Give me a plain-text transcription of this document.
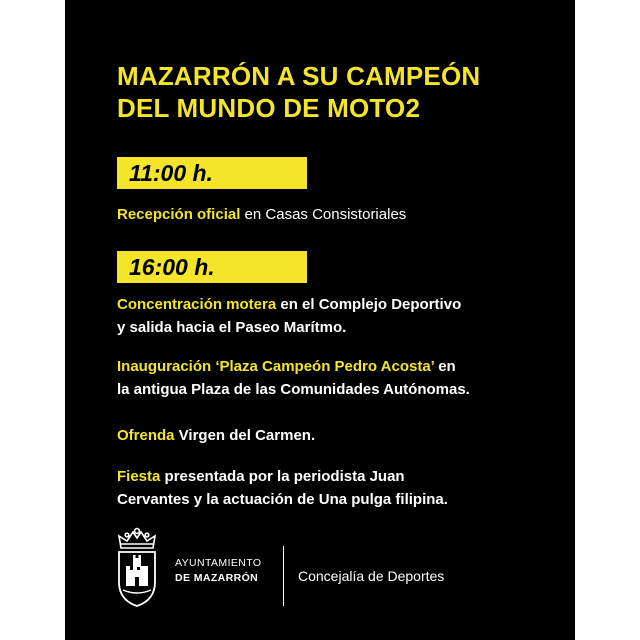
MAZARRÓN A SU CAMPEÓN
DEL MUNDO DE MOTO2
11:00 h.

Recepción oficial en Casas Consistoriales

16:00 h.

Concentración motera en el Complejo Deportivo
y salida hacia el Paseo Marítmo.

Inauguración ‘Plaza Campeón Pedro Acosta’ en
la antigua Plaza de las Comunidades Autónomas.

Ofrenda Virgen del Carmen.

Fiesta presentada por la periodista Juan
Cervantes y la actuación de Una pulga filipina.

AYUNTAMIENTO
DE MAZARRÓN	Concejalía de Deportes
